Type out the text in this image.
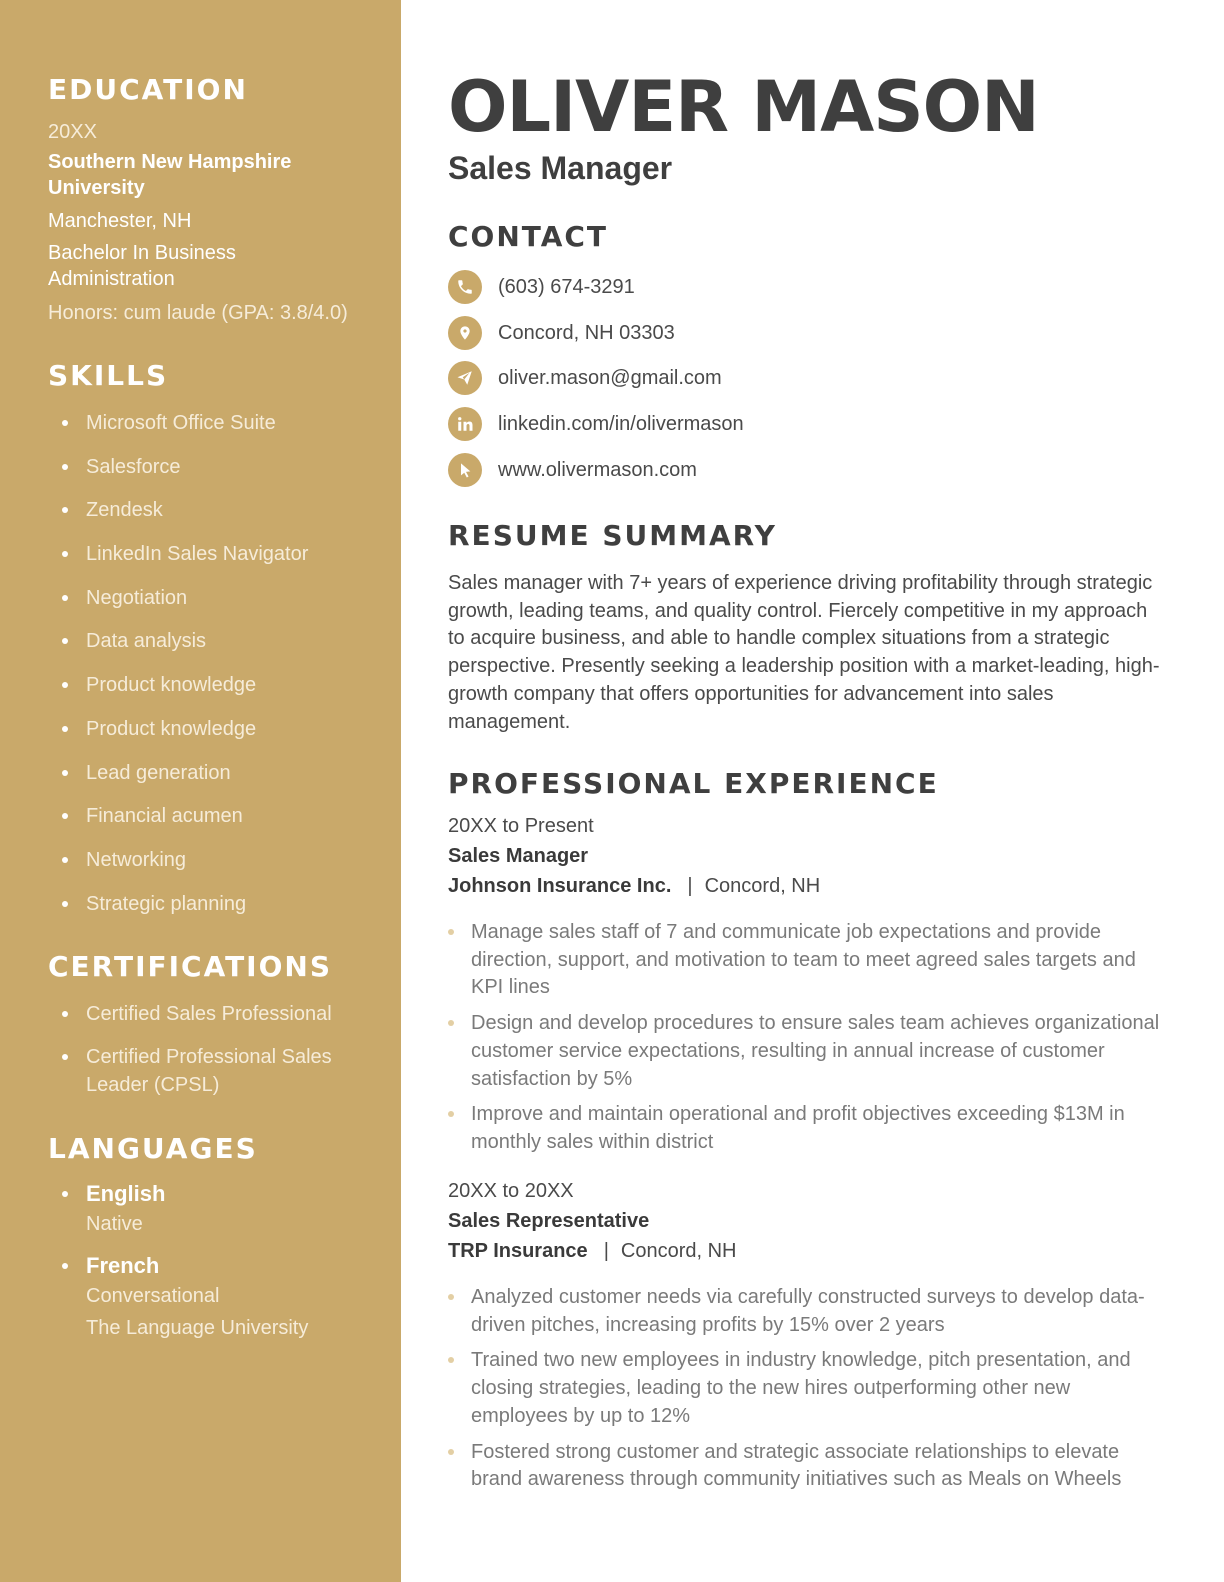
EDUCATION
20XX
Southern New Hampshire University
Manchester, NH
Bachelor In Business Administration
Honors: cum laude (GPA: 3.8/4.0)
SKILLS
Microsoft Office Suite
Salesforce
Zendesk
LinkedIn Sales Navigator
Negotiation
Data analysis
Product knowledge
Product knowledge
Lead generation
Financial acumen
Networking
Strategic planning
CERTIFICATIONS
Certified Sales Professional
Certified Professional Sales Leader (CPSL)
LANGUAGES
English
Native
French
Conversational
The Language University
OLIVER MASON
Sales Manager
CONTACT
(603) 674-3291
Concord, NH 03303
oliver.mason@gmail.com
linkedin.com/in/olivermason
www.olivermason.com
RESUME SUMMARY

Sales manager with 7+ years of experience driving profitability through strategic growth, leading teams, and quality control. Fiercely competitive in my approach to acquire business, and able to handle complex situations from a strategic perspective. Presently seeking a leadership position with a market-leading, high-growth company that offers opportunities for advancement into sales management.

PROFESSIONAL EXPERIENCE
20XX to Present
Sales Manager
Johnson Insurance Inc. | Concord, NH
Manage sales staff of 7 and communicate job expectations and provide direction, support, and motivation to team to meet agreed sales targets and KPI lines
Design and develop procedures to ensure sales team achieves organizational customer service expectations, resulting in annual increase of customer satisfaction by 5%
Improve and maintain operational and profit objectives exceeding $13M in monthly sales within district
20XX to 20XX
Sales Representative
TRP Insurance | Concord, NH
Analyzed customer needs via carefully constructed surveys to develop data-driven pitches, increasing profits by 15% over 2 years
Trained two new employees in industry knowledge, pitch presentation, and closing strategies, leading to the new hires outperforming other new employees by up to 12%
Fostered strong customer and strategic associate relationships to elevate brand awareness through community initiatives such as Meals on Wheels
